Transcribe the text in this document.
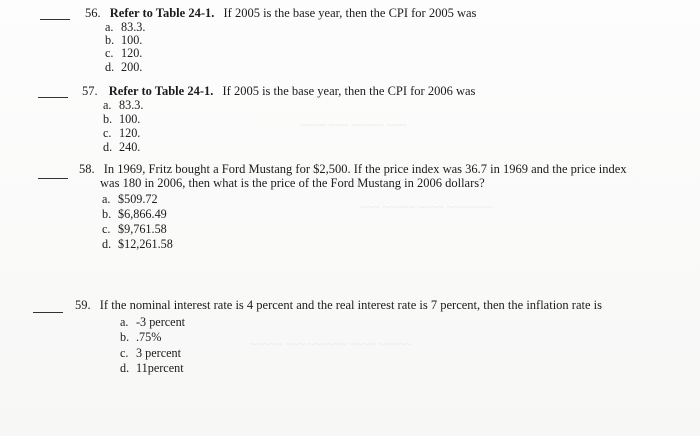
~~~~ ~~~ ~~~~~ ~~~
~~~ ~~~~~ ~~~~ ~~~~~~~
~~~~~ ~~~ ~~~~~~ ~~~~ ~~~~~
56. Refer to Table 24-1. If 2005 is the base year, then the CPI for 2005 was
a. 83.3.
b. 100.
c. 120.
d. 200.
57. Refer to Table 24-1. If 2005 is the base year, then the CPI for 2006 was
a. 83.3.
b. 100.
c. 120.
d. 240.
58. In 1969, Fritz bought a Ford Mustang for $2,500. If the price index was 36.7 in 1969 and the price index
was 180 in 2006, then what is the price of the Ford Mustang in 2006 dollars?
a. $509.72
b. $6,866.49
c. $9,761.58
d. $12,261.58
59. If the nominal interest rate is 4 percent and the real interest rate is 7 percent, then the inflation rate is
a. -3 percent
b. .75%
c. 3 percent
d. 11percent
